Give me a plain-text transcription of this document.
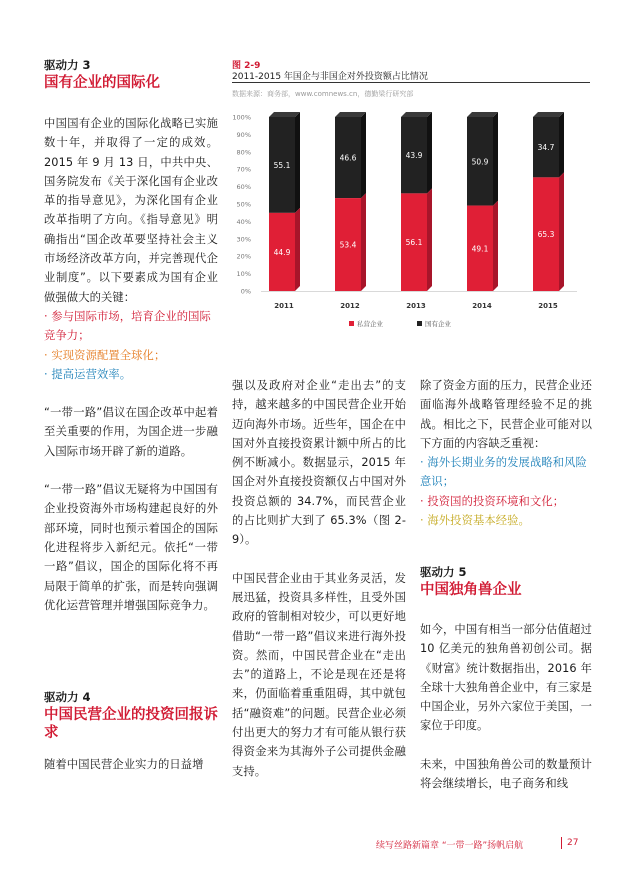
驱动力 3
国有企业的国际化

中国国有企业的国际化战略已实施数十年，并取得了一定的成效。2015 年 9 月 13 日，中共中央、国务院发布《关于深化国有企业改革的指导意见》，为深化国有企业改革指明了方向。《指导意见》明确指出“国企改革要坚持社会主义市场经济改革方向，并完善现代企业制度”。以下要素成为国有企业做强做大的关键：

· 参与国际市场，培育企业的国际竞争力；
· 实现资源配置全球化；
· 提高运营效率。

“一带一路”倡议在国企改革中起着至关重要的作用，为国企进一步融入国际市场开辟了新的道路。

“一带一路”倡议无疑将为中国国有企业投资海外市场构建起良好的外部环境，同时也预示着国企的国际化进程将步入新纪元。依托“一带一路”倡议，国企的国际化将不再局限于简单的扩张，而是转向强调优化运营管理并增强国际竞争力。

驱动力 4
中国民营企业的投资回报诉求

随着中国民营企业实力的日益增

图 2-9
2011-2015 年国企与非国企对外投资额占比情况
数据来源：商务部，www.comnews.cn，德勤梁行研究部
0%
10%
20%
30%
40%
50%
60%
70%
80%
90%
100%
55.1
44.9
46.6
53.4
43.9
56.1
50.9
49.1
34.7
65.3
2011	2012	2013	2014	2015
私营企业	国有企业

强以及政府对企业“走出去”的支持，越来越多的中国民营企业开始迈向海外市场。近些年，国企在中国对外直接投资累计额中所占的比例不断减小。数据显示，2015 年国企对外直接投资额仅占中国对外投资总额的 34.7%，而民营企业的占比则扩大到了 65.3%（图 2-9）。

中国民营企业由于其业务灵活，发展迅猛，投资具多样性，且受外国政府的管制相对较少，可以更好地借助“一带一路”倡议来进行海外投资。然而，中国民营企业在“走出去”的道路上，不论是现在还是将来，仍面临着重重阻碍，其中就包括“融资难”的问题。民营企业必须付出更大的努力才有可能从银行获得资金来为其海外子公司提供金融支持。

除了资金方面的压力，民营企业还面临海外战略管理经验不足的挑战。相比之下，民营企业可能对以下方面的内容缺乏重视：

· 海外长期业务的发展战略和风险意识；
· 投资国的投资环境和文化；
· 海外投资基本经验。
驱动力 5
中国独角兽企业

如今，中国有相当一部分估值超过 10 亿美元的独角兽初创公司。据《财富》统计数据指出，2016 年全球十大独角兽企业中，有三家是中国企业，另外六家位于美国，一家位于印度。

未来，中国独角兽公司的数量预计将会继续增长，电子商务和线

续写丝路新篇章 “一带一路”扬帆启航	27
